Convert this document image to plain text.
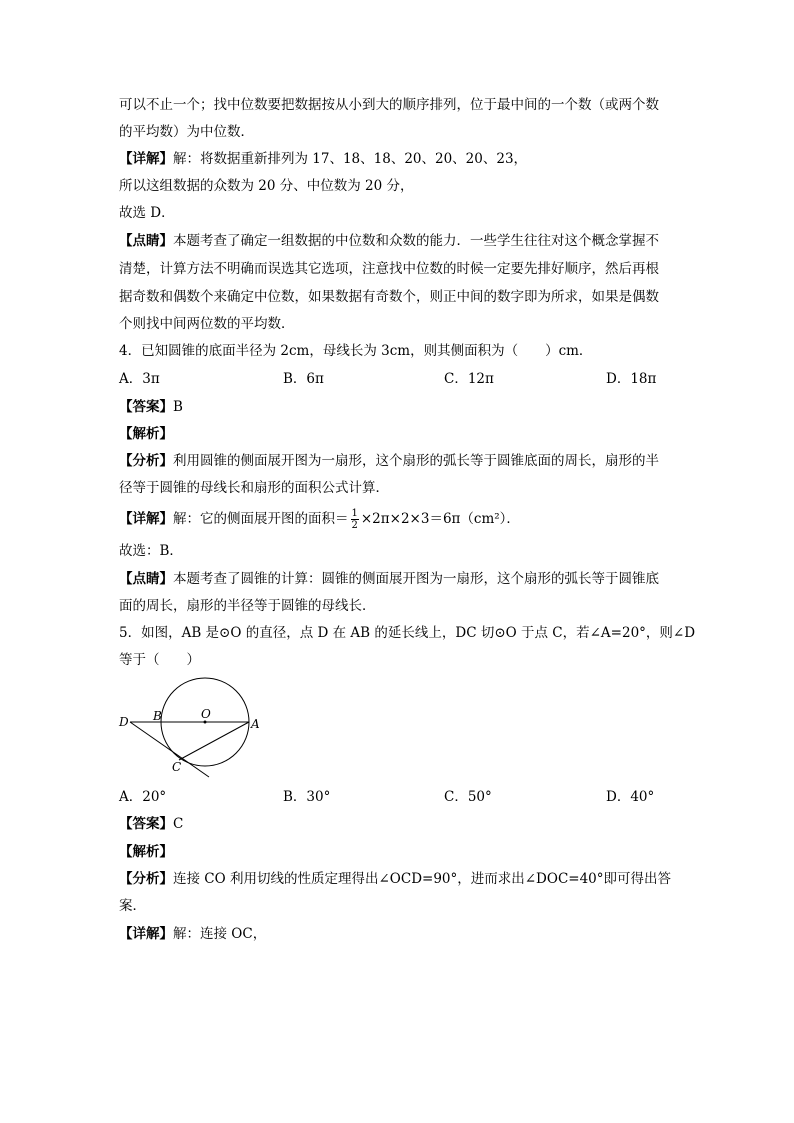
可以不止一个；找中位数要把数据按从小到大的顺序排列，位于最中间的一个数（或两个数
的平均数）为中位数．
【详解】解：将数据重新排列为 17、18、18、20、20、20、23，
所以这组数据的众数为 20 分、中位数为 20 分，
故选 D．
【点睛】本题考查了确定一组数据的中位数和众数的能力．一些学生往往对这个概念掌握不
清楚，计算方法不明确而误选其它选项，注意找中位数的时候一定要先排好顺序，然后再根
据奇数和偶数个来确定中位数，如果数据有奇数个，则正中间的数字即为所求，如果是偶数
个则找中间两位数的平均数．
4．已知圆锥的底面半径为 2cm，母线长为 3cm，则其侧面积为（　　）cm．
A．3π	B．6π	C．12π	D．18π
【答案】B
【解析】
【分析】利用圆锥的侧面展开图为一扇形，这个扇形的弧长等于圆锥底面的周长，扇形的半
径等于圆锥的母线长和扇形的面积公式计算．
【详解】解：它的侧面展开图的面积＝ $\frac{1}{2} \times 2\pi\times 2\times 3=6\pi(cm^2)$．
故选：B．
【点睛】本题考查了圆锥的计算：圆锥的侧面展开图为一扇形，这个扇形的弧长等于圆锥底
面的周长，扇形的半径等于圆锥的母线长．
5．如图，AB 是⊙O 的直径，点 D 在 AB 的延长线上，DC 切⊙O 于点 C，若∠A=20°，则∠D
等于（　　）
D B	O
A
C
A．20°	B．30°	C．50°	D．40°
【答案】C
【解析】
【分析】连接 CO 利用切线的性质定理得出∠OCD=90°，进而求出∠DOC=40°即可得出答
案．
【详解】解：连接 OC，
